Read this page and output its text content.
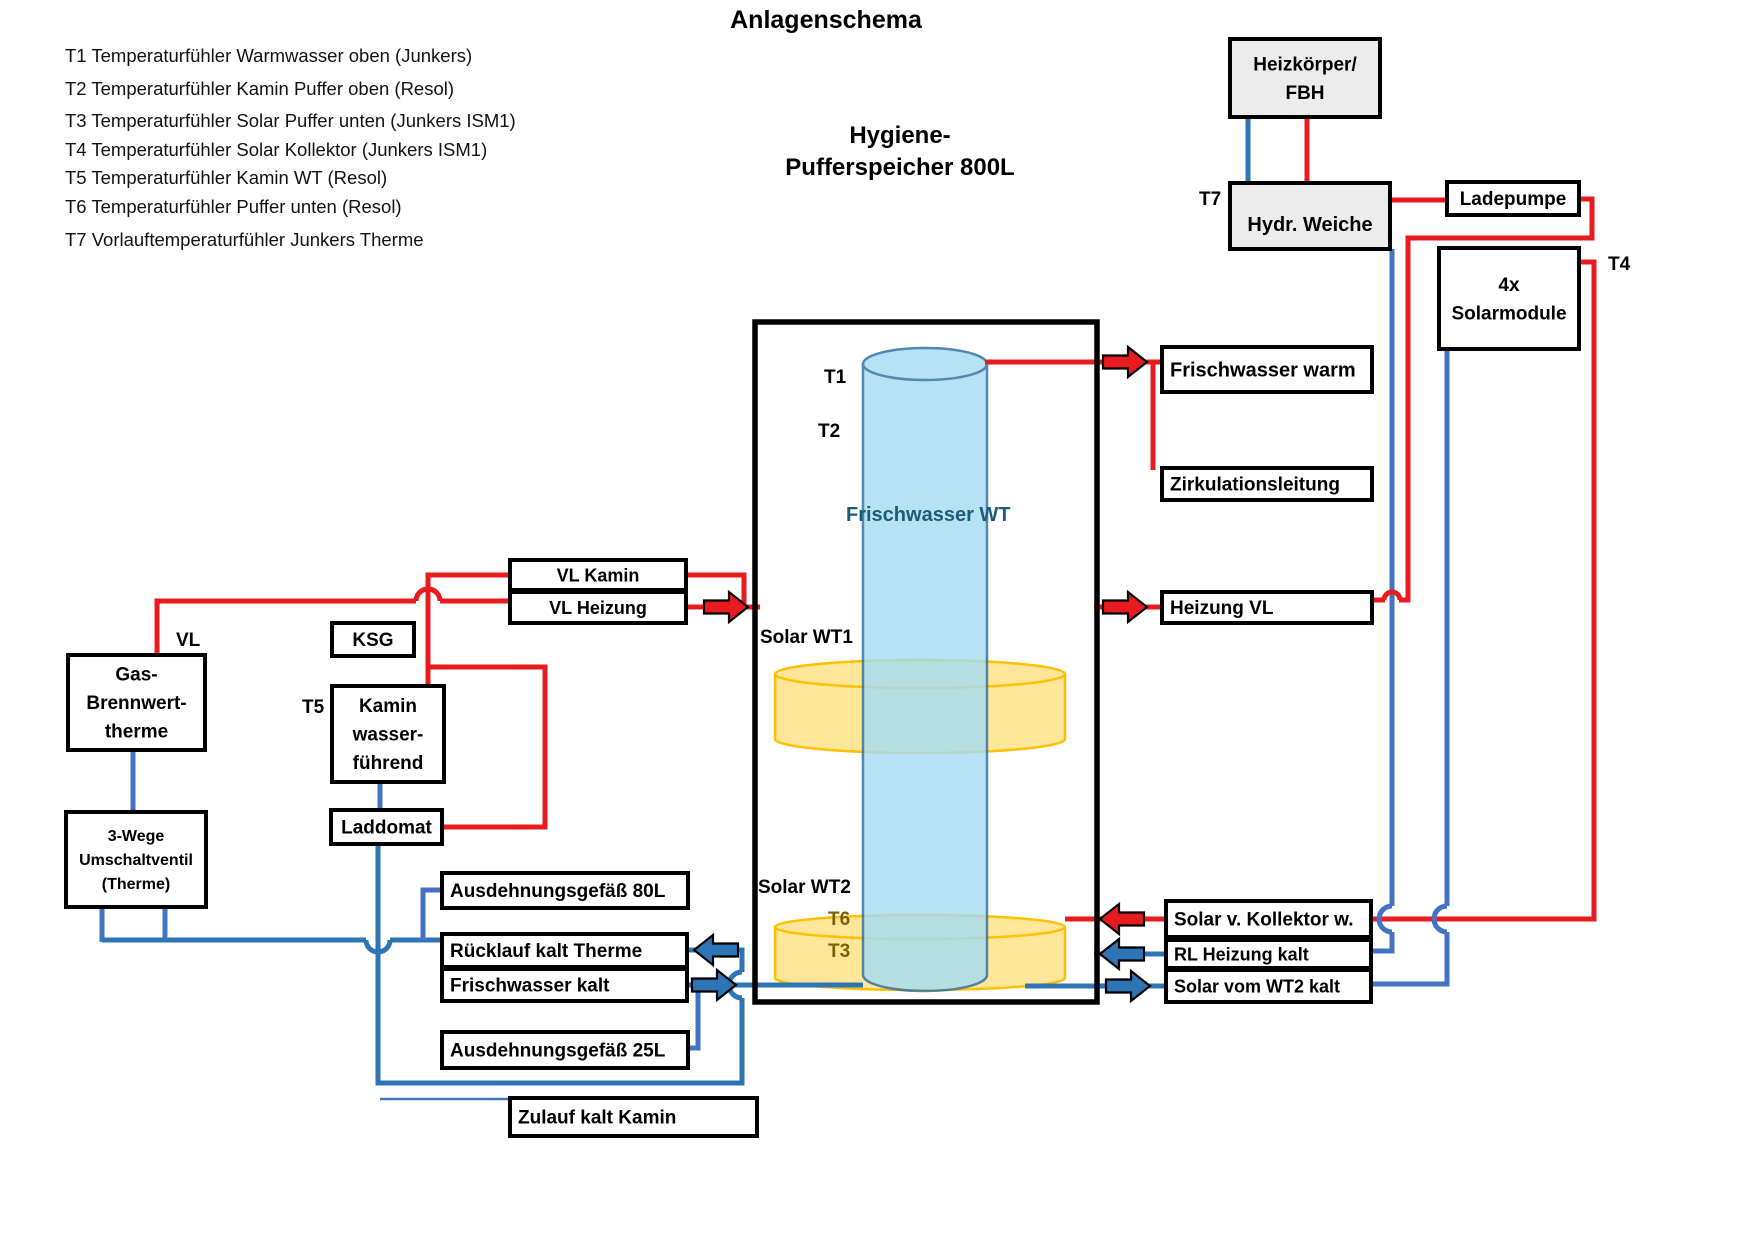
Gas-
Brennwert-
therme
3-Wege
Umschaltventil
(Therme)
KSG
Kamin
wasser-
führend
Laddomat
VL Kamin
VL Heizung
Ausdehnungsgefäß 80L
Rücklauf kalt Therme
Frischwasser kalt
Ausdehnungsgefäß 25L
Zulauf kalt Kamin
Frischwasser warm
Zirkulationsleitung
Heizung VL
Solar v. Kollektor w.
RL Heizung kalt
Solar vom WT2 kalt
Heizkörper/
FBH
Hydr. Weiche
Ladepumpe
4x
Solarmodule
VL
T5
T7
T4
T1
T2
Solar WT1
Solar WT2
T6
T3
Frischwasser WT
Anlagenschema
Hygiene-
Pufferspeicher 800L
T1 Temperaturfühler Warmwasser oben (Junkers)
T2 Temperaturfühler Kamin Puffer oben (Resol)
T3 Temperaturfühler Solar Puffer unten (Junkers ISM1)
T4 Temperaturfühler Solar Kollektor (Junkers ISM1)
T5 Temperaturfühler Kamin WT (Resol)
T6 Temperaturfühler Puffer unten (Resol)
T7 Vorlauftemperaturfühler Junkers Therme
